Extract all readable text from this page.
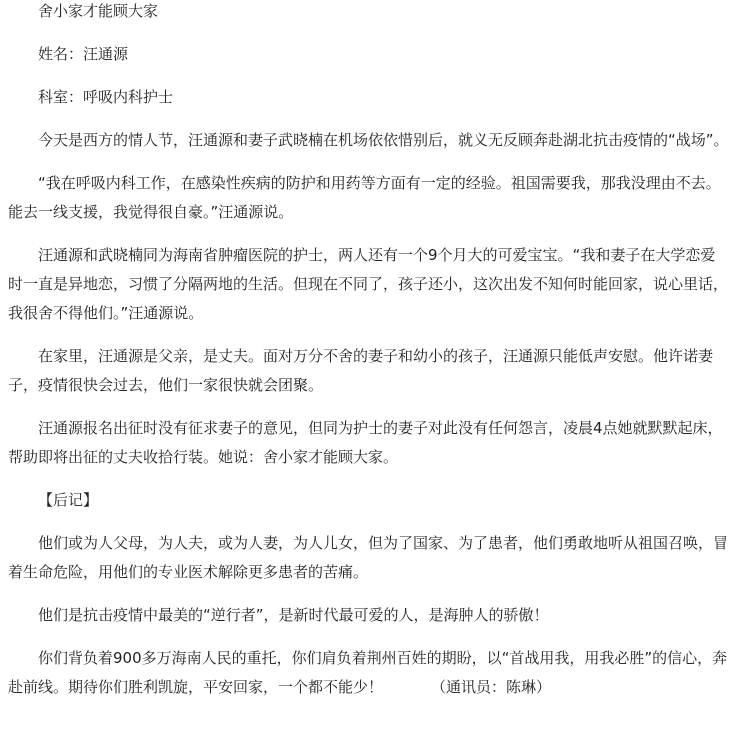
舍小家才能顾大家

姓名：汪通源

科室：呼吸内科护士

今天是西方的情人节，汪通源和妻子武晓楠在机场依依惜别后，就义无反顾奔赴湖北抗击疫情的“战场”。

“我在呼吸内科工作，在感染性疾病的防护和用药等方面有一定的经验。祖国需要我，那我没理由不去。能去一线支援，我觉得很自豪。”汪通源说。

汪通源和武晓楠同为海南省肿瘤医院的护士，两人还有一个9个月大的可爱宝宝。“我和妻子在大学恋爱时一直是异地恋，习惯了分隔两地的生活。但现在不同了，孩子还小，这次出发不知何时能回家，说心里话，我很舍不得他们。”汪通源说。

在家里，汪通源是父亲，是丈夫。面对万分不舍的妻子和幼小的孩子，汪通源只能低声安慰。他许诺妻子，疫情很快会过去，他们一家很快就会团聚。

汪通源报名出征时没有征求妻子的意见，但同为护士的妻子对此没有任何怨言，凌晨4点她就默默起床，帮助即将出征的丈夫收拾行装。她说：舍小家才能顾大家。

【后记】

他们或为人父母，为人夫，或为人妻，为人儿女，但为了国家、为了患者，他们勇敢地听从祖国召唤，冒着生命危险，用他们的专业医术解除更多患者的苦痛。

他们是抗击疫情中最美的“逆行者”，是新时代最可爱的人，是海肿人的骄傲！

你们背负着900多万海南人民的重托，你们肩负着荆州百姓的期盼，以“首战用我，用我必胜”的信心，奔赴前线。期待你们胜利凯旋，平安回家，一个都不能少！	（通讯员：陈琳）
